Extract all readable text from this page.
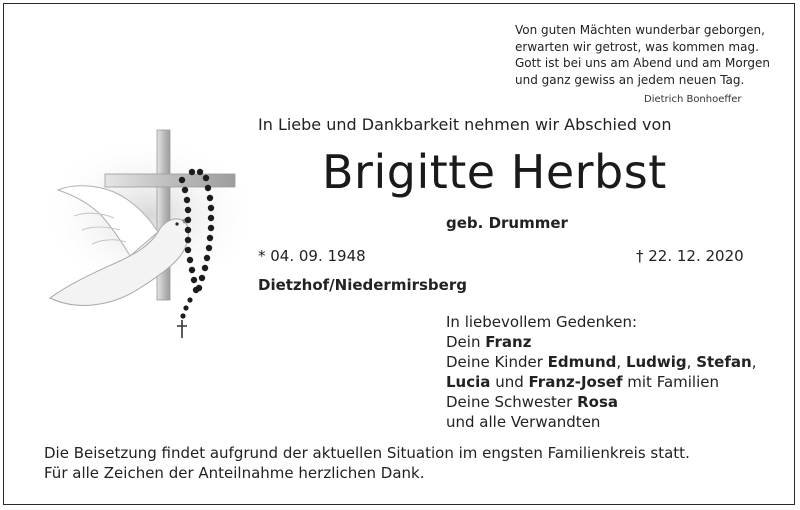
Von guten Mächten wunderbar geborgen,
erwarten wir getrost, was kommen mag.
Gott ist bei uns am Abend und am Morgen
und ganz gewiss an jedem neuen Tag.
Dietrich Bonhoeffer
In Liebe und Dankbarkeit nehmen wir Abschied von
Brigitte Herbst
geb. Drummer
* 04. 09. 1948	† 22. 12. 2020
Dietzhof/Niedermirsberg
In liebevollem Gedenken:
Dein Franz
Deine Kinder Edmund, Ludwig, Stefan,
Lucia und Franz-Josef mit Familien
Deine Schwester Rosa
und alle Verwandten
Die Beisetzung findet aufgrund der aktuellen Situation im engsten Familienkreis statt.
Für alle Zeichen der Anteilnahme herzlichen Dank.
